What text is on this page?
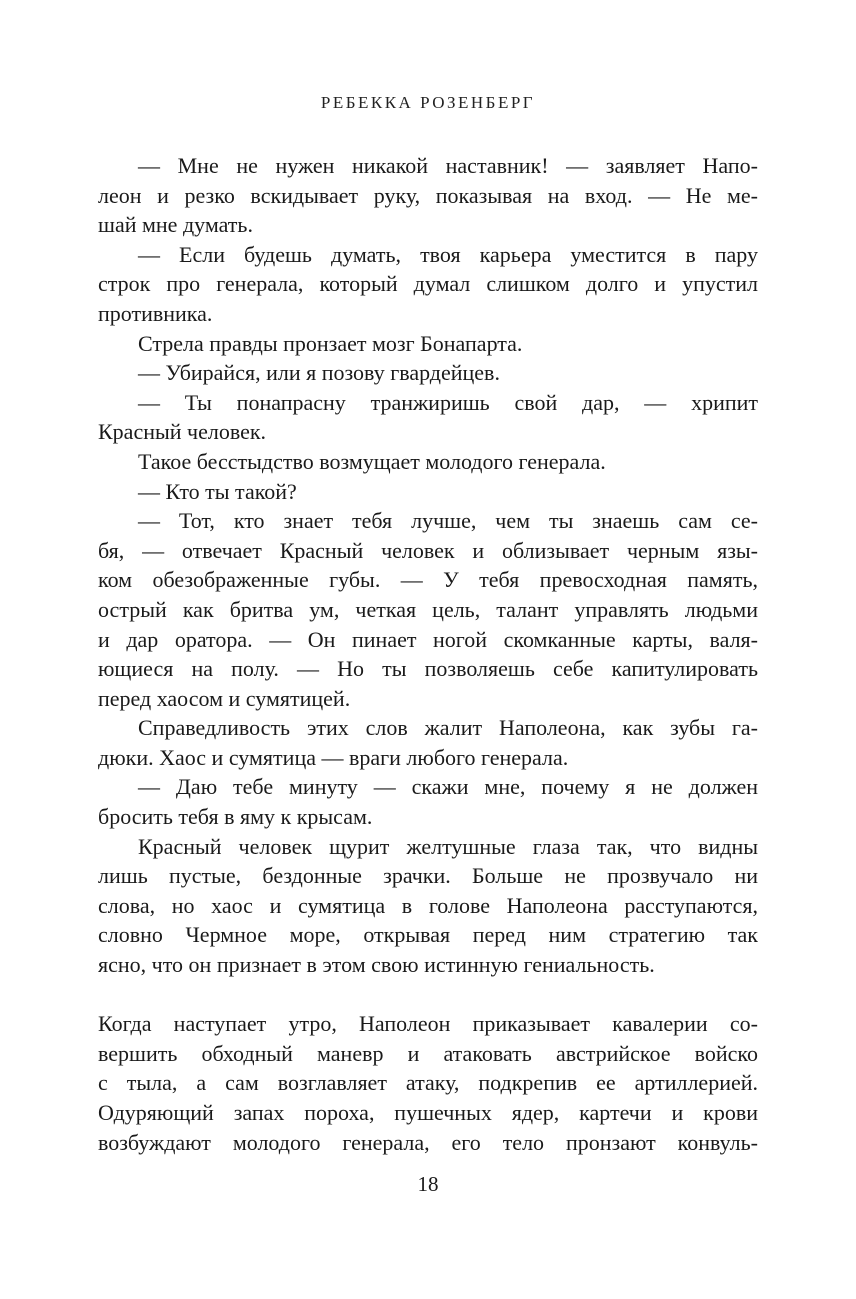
РЕБЕККА РОЗЕНБЕРГ
— Мне не нужен никакой наставник! — заявляет Напо-
леон и резко вскидывает руку, показывая на вход. — Не ме-
шай мне думать.
— Если будешь думать, твоя карьера уместится в пару
строк про генерала, который думал слишком долго и упустил
противника.
Стрела правды пронзает мозг Бонапарта.
— Убирайся, или я позову гвардейцев.
— Ты понапрасну транжиришь свой дар, — хрипит
Красный человек.
Такое бесстыдство возмущает молодого генерала.
— Кто ты такой?
— Тот, кто знает тебя лучше, чем ты знаешь сам се-
бя, — отвечает Красный человек и облизывает черным язы-
ком обезображенные губы. — У тебя превосходная память,
острый как бритва ум, четкая цель, талант управлять людьми
и дар оратора. — Он пинает ногой скомканные карты, валя-
ющиеся на полу. — Но ты позволяешь себе капитулировать
перед хаосом и сумятицей.
Справедливость этих слов жалит Наполеона, как зубы га-
дюки. Хаос и сумятица — враги любого генерала.
— Даю тебе минуту — скажи мне, почему я не должен
бросить тебя в яму к крысам.
Красный человек щурит желтушные глаза так, что видны
лишь пустые, бездонные зрачки. Больше не прозвучало ни
слова, но хаос и сумятица в голове Наполеона расступаются,
словно Чермное море, открывая перед ним стратегию так
ясно, что он признает в этом свою истинную гениальность.
Когда наступает утро, Наполеон приказывает кавалерии со-
вершить обходный маневр и атаковать австрийское войско
с тыла, а сам возглавляет атаку, подкрепив ее артиллерией.
Одуряющий запах пороха, пушечных ядер, картечи и крови
возбуждают молодого генерала, его тело пронзают конвуль-
18
